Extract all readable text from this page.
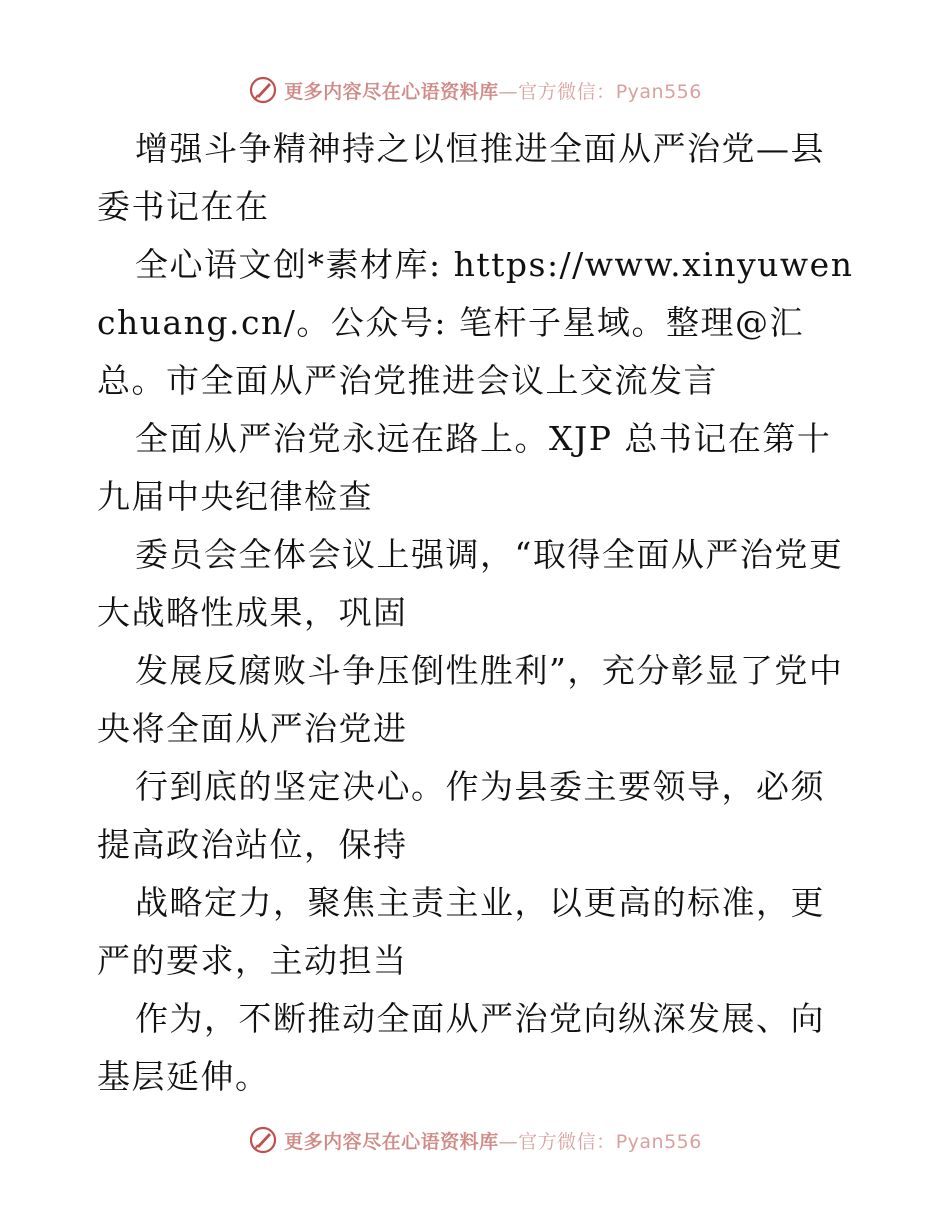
更多内容尽在心语资料库—官方微信：Pyan556

增强斗争精神持之以恒推进全面从严治党—县委书记在在

全心语文创*素材库: https://www.xinyuwenchuang.cn/。公众号: 笔杆子星域。整理@汇总。市全面从严治党推进会议上交流发言

全面从严治党永远在路上。XJP 总书记在第十九届中央纪律检查

委员会全体会议上强调，“取得全面从严治党更大战略性成果，巩固

发展反腐败斗争压倒性胜利”，充分彰显了党中央将全面从严治党进

行到底的坚定决心。作为县委主要领导，必须提高政治站位，保持

战略定力，聚焦主责主业，以更高的标准，更严的要求，主动担当

作为，不断推动全面从严治党向纵深发展、向基层延伸。

更多内容尽在心语资料库—官方微信：Pyan556
